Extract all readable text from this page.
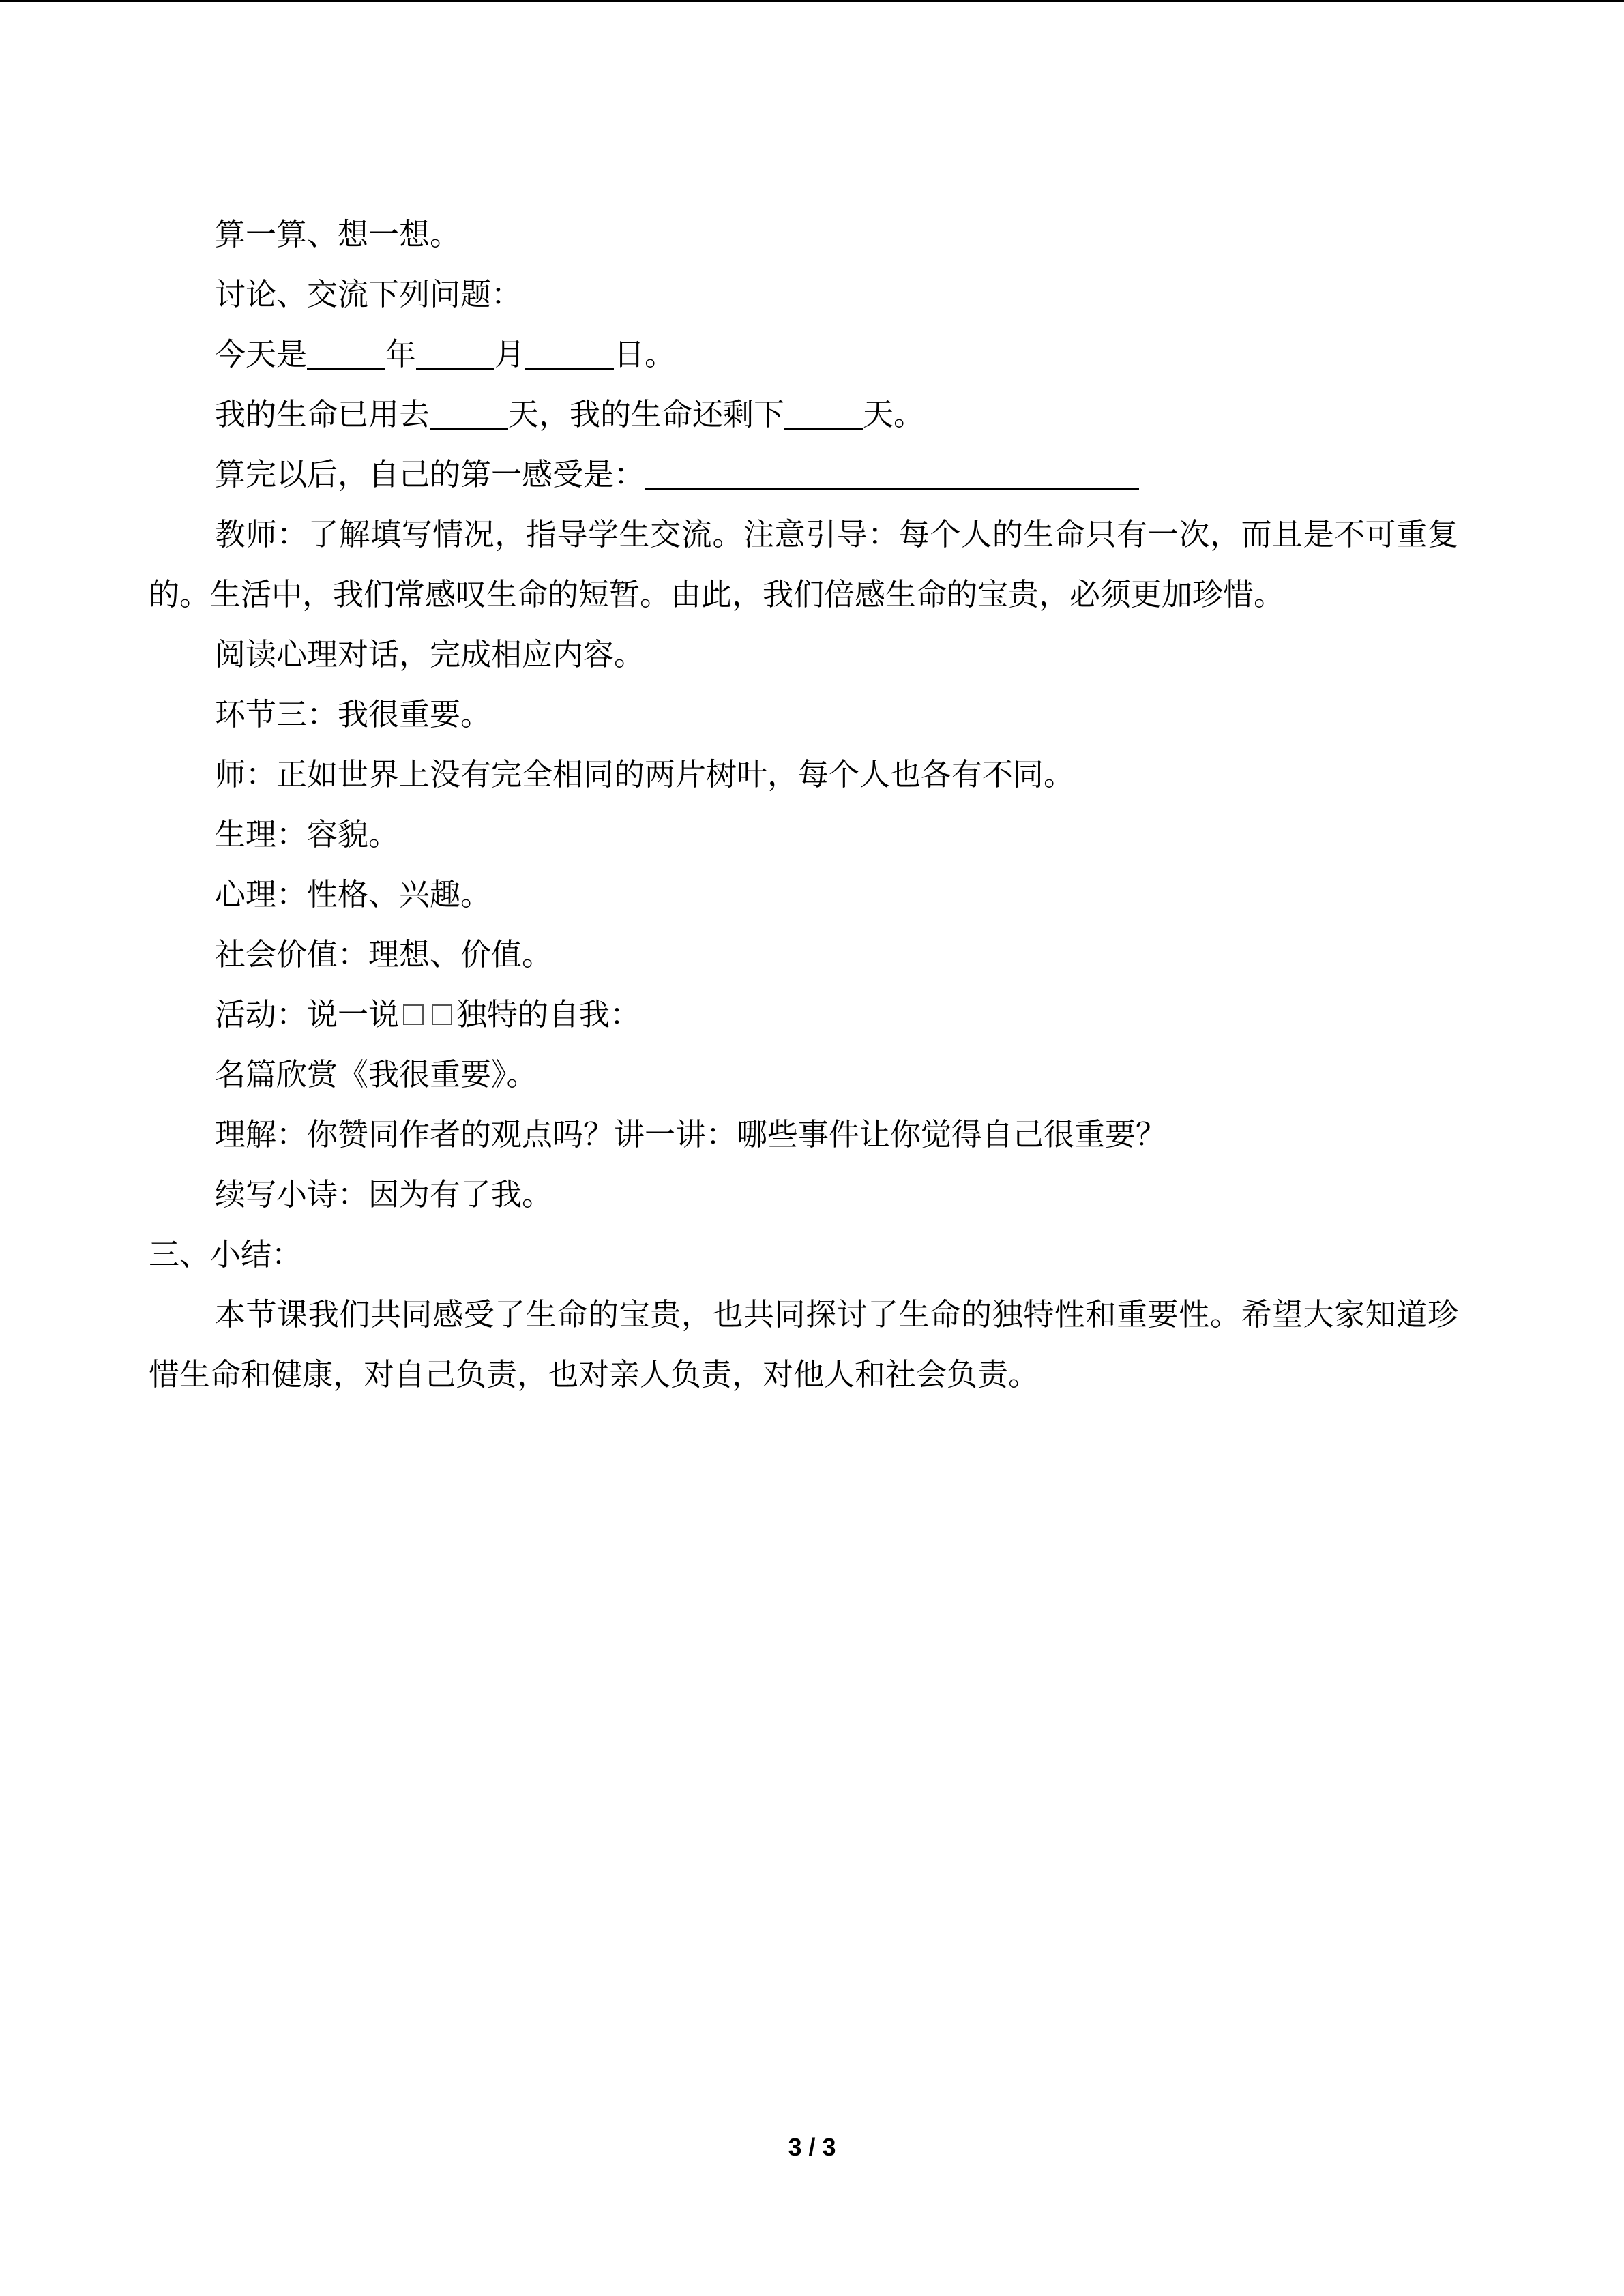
算一算、想一想。
讨论、交流下列问题：
今天是	年	月	日。
我的生命已用去	天，我的生命还剩下	天。
算完以后，自己的第一感受是：
教师：了解填写情况，指导学生交流。注意引导：每个人的生命只有一次，而且是不可重复的。生活中，我们常感叹生命的短暂。由此，我们倍感生命的宝贵，必须更加珍惜。
阅读心理对话，完成相应内容。
环节三：我很重要。
师：正如世界上没有完全相同的两片树叶，每个人也各有不同。
生理：容貌。
心理：性格、兴趣。
社会价值：理想、价值。
活动：说一说 独特的自我：
名篇欣赏《我很重要》。
理解：你赞同作者的观点吗？讲一讲：哪些事件让你觉得自己很重要？
续写小诗：因为有了我。
三、小结：
本节课我们共同感受了生命的宝贵，也共同探讨了生命的独特性和重要性。希望大家知道珍惜生命和健康，对自己负责，也对亲人负责，对他人和社会负责。
3 / 3
